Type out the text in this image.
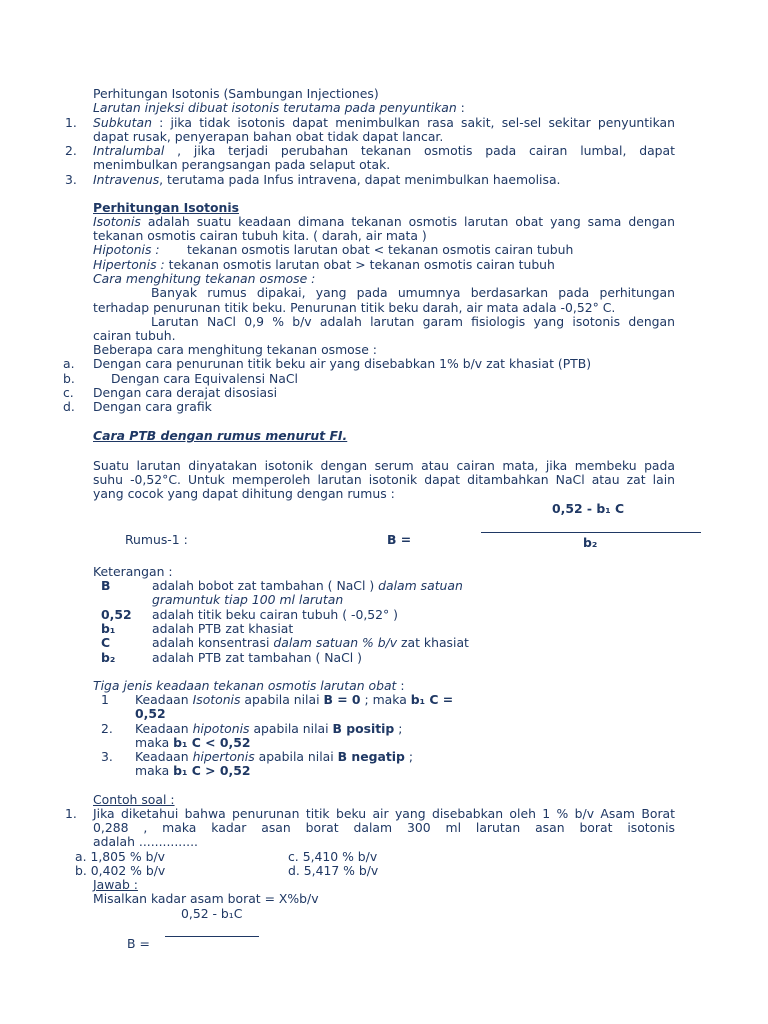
Perhitungan Isotonis (Sambungan Injectiones)
Larutan injeksi dibuat isotonis terutama pada penyuntikan :
1. Subkutan : jika tidak isotonis dapat menimbulkan rasa sakit, sel-sel sekitar penyuntikan
dapat rusak, penyerapan bahan obat tidak dapat lancar.
2. Intralumbal , jika terjadi perubahan tekanan osmotis pada cairan lumbal, dapat
menimbulkan perangsangan pada selaput otak.
3. Intravenus, terutama pada Infus intravena, dapat menimbulkan haemolisa.
Perhitungan Isotonis
Isotonis adalah suatu keadaan dimana tekanan osmotis larutan obat yang sama dengan
tekanan osmotis cairan tubuh kita. ( darah, air mata )
Hipotonis : tekanan osmotis larutan obat < tekanan osmotis cairan tubuh
Hipertonis : tekanan osmotis larutan obat > tekanan osmotis cairan tubuh
Cara menghitung tekanan osmose :
Banyak rumus dipakai, yang pada umumnya berdasarkan pada perhitungan
terhadap penurunan titik beku. Penurunan titik beku darah, air mata adala -0,52° C.
Larutan NaCl 0,9 % b/v adalah larutan garam fisiologis yang isotonis dengan
cairan tubuh.
Beberapa cara menghitung tekanan osmose :
a. Dengan cara penurunan titik beku air yang disebabkan 1% b/v zat khasiat (PTB)
b.	Dengan cara Equivalensi NaCl
c. Dengan cara derajat disosiasi
d. Dengan cara grafik
Cara PTB dengan rumus menurut FI.
Suatu larutan dinyatakan isotonik dengan serum atau cairan mata, jika membeku pada
suhu -0,52°C. Untuk memperoleh larutan isotonik dapat ditambahkan NaCl atau zat lain
yang cocok yang dapat dihitung dengan rumus :
0,52 - b₁ C
Rumus-1 :	B =	b₂
Keterangan :
B	adalah bobot zat tambahan ( NaCl ) dalam satuan
gramuntuk tiap 100 ml larutan
0,52 adalah titik beku cairan tubuh ( -0,52° )
b₁	adalah PTB zat khasiat
C	adalah konsentrasi dalam satuan % b/v zat khasiat
b₂	adalah PTB zat tambahan ( NaCl )
Tiga jenis keadaan tekanan osmotis larutan obat :
1 Keadaan Isotonis apabila nilai B = 0 ; maka b₁ C =
0,52
2. Keadaan hipotonis apabila nilai B positip ;
maka b₁ C < 0,52
3. Keadaan hipertonis apabila nilai B negatip ;
maka b₁ C > 0,52
Contoh soal :
1. Jika diketahui bahwa penurunan titik beku air yang disebabkan oleh 1 % b/v Asam Borat
0,288 , maka kadar asan borat dalam 300 ml larutan asan borat isotonis
adalah ...............
a. 1,805 % b/v	c. 5,410 % b/v
b. 0,402 % b/v	d. 5,417 % b/v
Jawab :
Misalkan kadar asam borat = X%b/v
0,52 - b₁C
B =
